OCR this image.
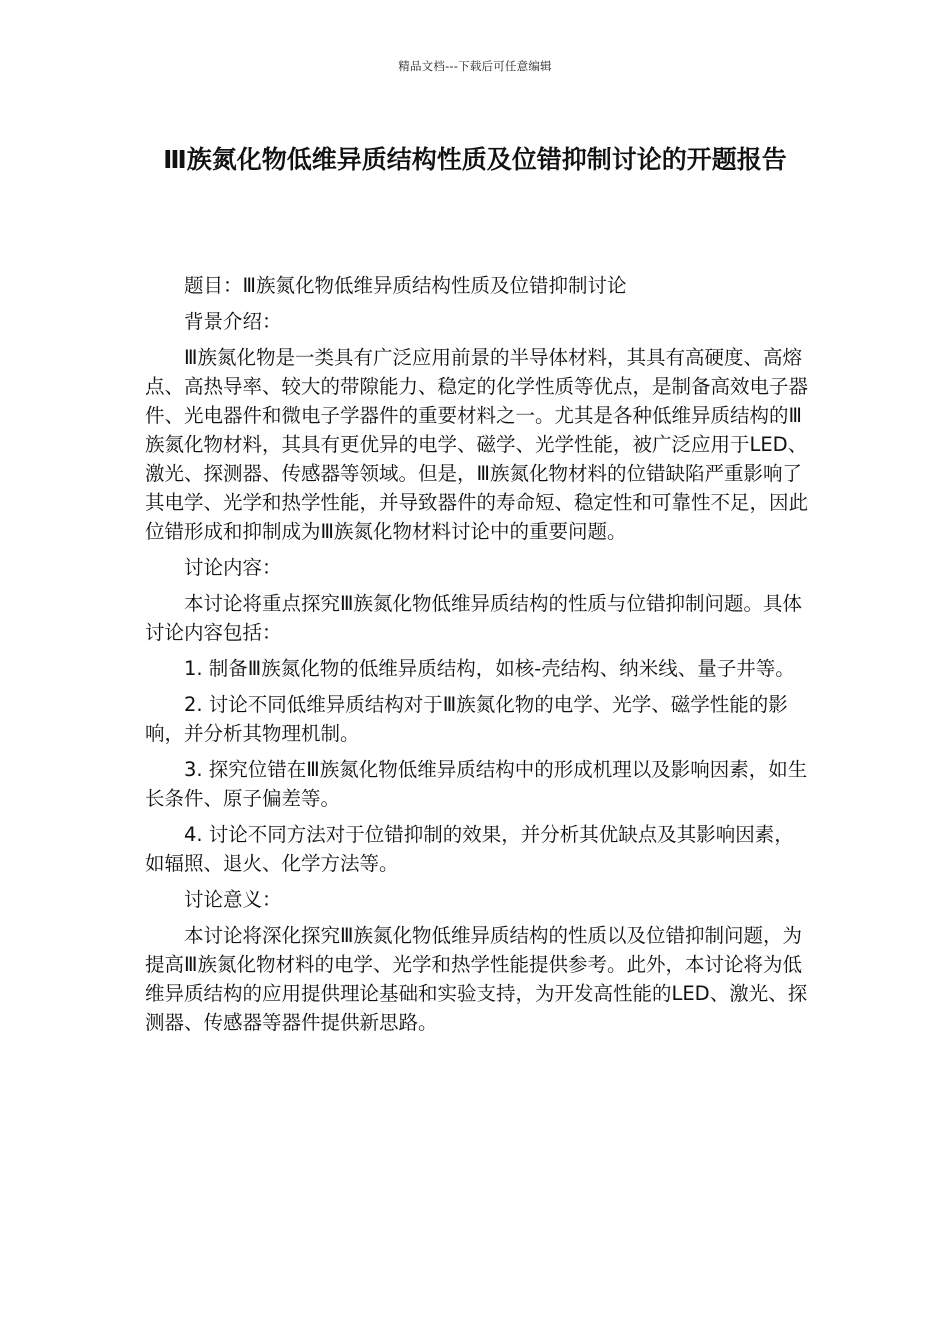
精品文档---下载后可任意编辑
Ⅲ族氮化物低维异质结构性质及位错抑制讨论的开题报告

题目：Ⅲ族氮化物低维异质结构性质及位错抑制讨论

背景介绍：

Ⅲ族氮化物是一类具有广泛应用前景的半导体材料，其具有高硬度、高熔点、高热导率、较大的带隙能力、稳定的化学性质等优点，是制备高效电子器件、光电器件和微电子学器件的重要材料之一。尤其是各种低维异质结构的Ⅲ族氮化物材料，其具有更优异的电学、磁学、光学性能，被广泛应用于LED、激光、探测器、传感器等领域。但是，Ⅲ族氮化物材料的位错缺陷严重影响了其电学、光学和热学性能，并导致器件的寿命短、稳定性和可靠性不足，因此位错形成和抑制成为Ⅲ族氮化物材料讨论中的重要问题。

讨论内容：

本讨论将重点探究Ⅲ族氮化物低维异质结构的性质与位错抑制问题。具体讨论内容包括：

1. 制备Ⅲ族氮化物的低维异质结构，如核-壳结构、纳米线、量子井等。

2. 讨论不同低维异质结构对于Ⅲ族氮化物的电学、光学、磁学性能的影响，并分析其物理机制。

3. 探究位错在Ⅲ族氮化物低维异质结构中的形成机理以及影响因素，如生长条件、原子偏差等。

4. 讨论不同方法对于位错抑制的效果，并分析其优缺点及其影响因素，如辐照、退火、化学方法等。

讨论意义：

本讨论将深化探究Ⅲ族氮化物低维异质结构的性质以及位错抑制问题，为提高Ⅲ族氮化物材料的电学、光学和热学性能提供参考。此外，本讨论将为低维异质结构的应用提供理论基础和实验支持，为开发高性能的LED、激光、探测器、传感器等器件提供新思路。
